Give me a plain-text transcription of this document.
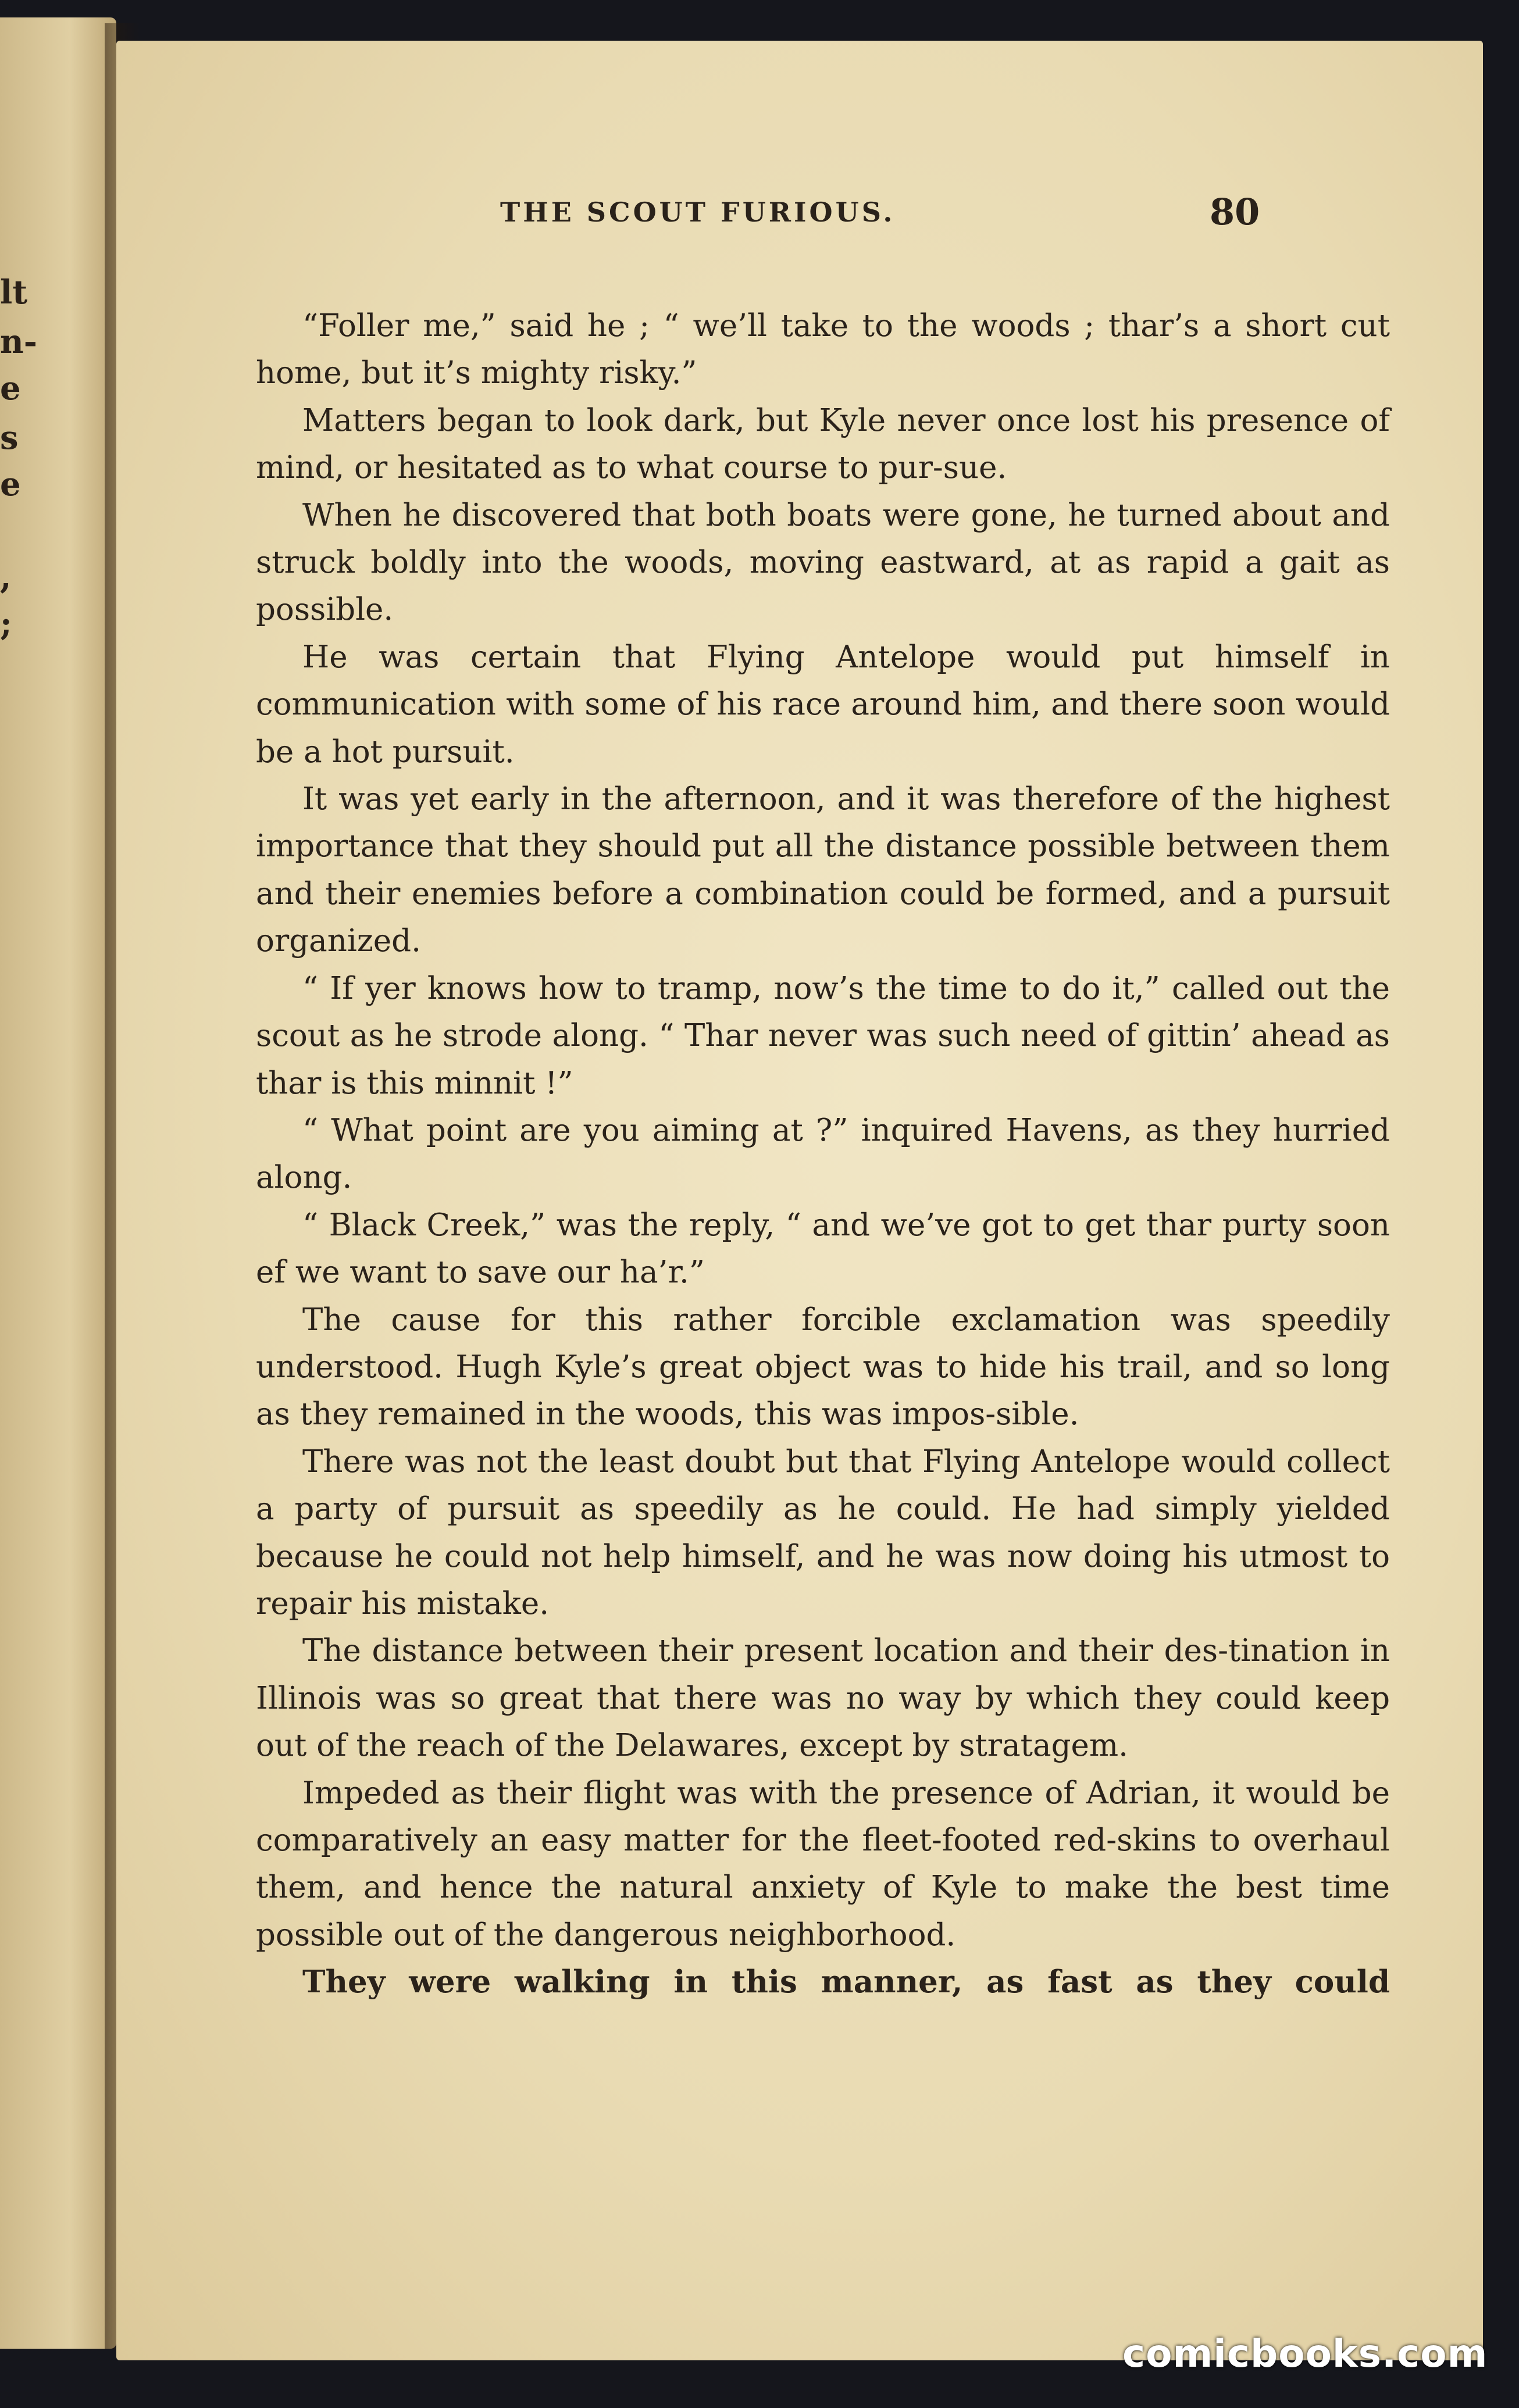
lt
n-
e
s
e
,
;
THE SCOUT FURIOUS.	80

“Foller me,” said he ; “ we’ll take to the woods ; thar’s a short cut home, but it’s mighty risky.”

Matters began to look dark, but Kyle never once lost his presence of mind, or hesitated as to what course to pur-sue.

When he discovered that both boats were gone, he turned about and struck boldly into the woods, moving eastward, at as rapid a gait as possible.

He was certain that Flying Antelope would put himself in communication with some of his race around him, and there soon would be a hot pursuit.

It was yet early in the afternoon, and it was therefore of the highest importance that they should put all the distance possible between them and their enemies before a combination could be formed, and a pursuit organized.

“ If yer knows how to tramp, now’s the time to do it,” called out the scout as he strode along. “ Thar never was such need of gittin’ ahead as thar is this minnit !”

“ What point are you aiming at ?” inquired Havens, as they hurried along.

“ Black Creek,” was the reply, “ and we’ve got to get thar purty soon ef we want to save our ha’r.”

The cause for this rather forcible exclamation was speedily understood. Hugh Kyle’s great object was to hide his trail, and so long as they remained in the woods, this was impos-sible.

There was not the least doubt but that Flying Antelope would collect a party of pursuit as speedily as he could. He had simply yielded because he could not help himself, and he was now doing his utmost to repair his mistake.

The distance between their present location and their des-tination in Illinois was so great that there was no way by which they could keep out of the reach of the Delawares, except by stratagem.

Impeded as their flight was with the presence of Adrian, it would be comparatively an easy matter for the fleet-footed red-skins to overhaul them, and hence the natural anxiety of Kyle to make the best time possible out of the dangerous neighborhood.

They were walking in this manner, as fast as they could

comicbooks.com
